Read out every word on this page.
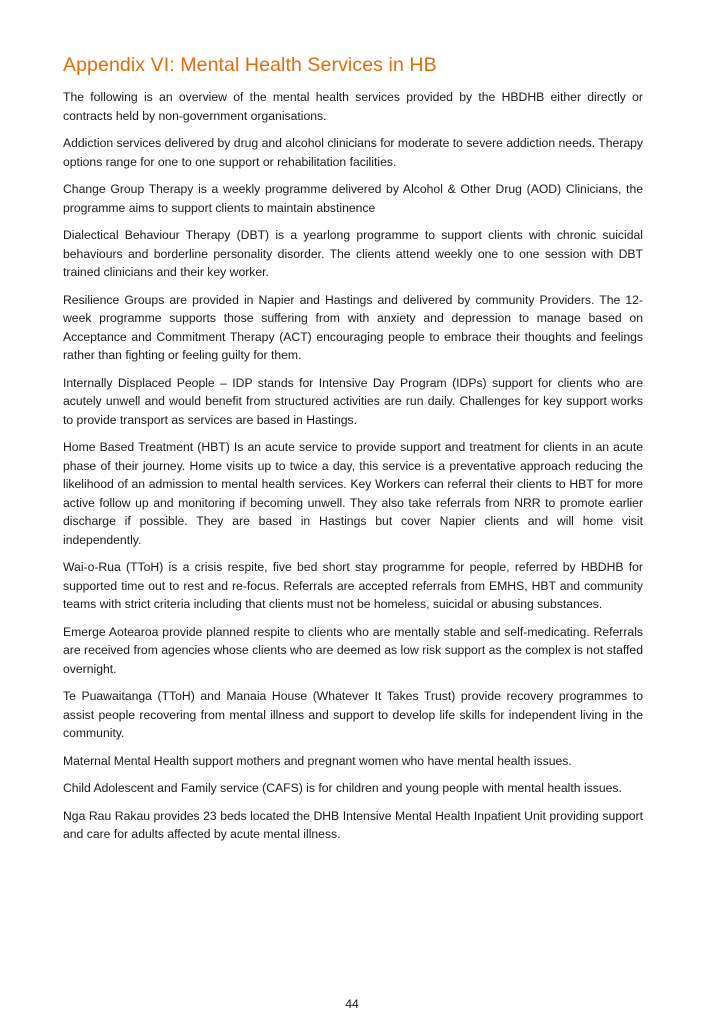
Appendix VI: Mental Health Services in HB

The following is an overview of the mental health services provided by the HBDHB either directly or contracts held by non-government organisations.

Addiction services delivered by drug and alcohol clinicians for moderate to severe addiction needs. Therapy options range for one to one support or rehabilitation facilities.

Change Group Therapy is a weekly programme delivered by Alcohol & Other Drug (AOD) Clinicians, the programme aims to support clients to maintain abstinence

Dialectical Behaviour Therapy (DBT) is a yearlong programme to support clients with chronic suicidal behaviours and borderline personality disorder. The clients attend weekly one to one session with DBT trained clinicians and their key worker.

Resilience Groups are provided in Napier and Hastings and delivered by community Providers. The 12-week programme supports those suffering from with anxiety and depression to manage based on Acceptance and Commitment Therapy (ACT) encouraging people to embrace their thoughts and feelings rather than fighting or feeling guilty for them.

Internally Displaced People – IDP stands for Intensive Day Program (IDPs) support for clients who are acutely unwell and would benefit from structured activities are run daily. Challenges for key support works to provide transport as services are based in Hastings.

Home Based Treatment (HBT) Is an acute service to provide support and treatment for clients in an acute phase of their journey. Home visits up to twice a day, this service is a preventative approach reducing the likelihood of an admission to mental health services. Key Workers can referral their clients to HBT for more active follow up and monitoring if becoming unwell. They also take referrals from NRR to promote earlier discharge if possible. They are based in Hastings but cover Napier clients and will home visit independently.

Wai-o-Rua (TToH) is a crisis respite, five bed short stay programme for people, referred by HBDHB for supported time out to rest and re-focus. Referrals are accepted referrals from EMHS, HBT and community teams with strict criteria including that clients must not be homeless, suicidal or abusing substances.

Emerge Aotearoa provide planned respite to clients who are mentally stable and self-medicating. Referrals are received from agencies whose clients who are deemed as low risk support as the complex is not staffed overnight.

Te Puawaitanga (TToH) and Manaia House (Whatever It Takes Trust) provide recovery programmes to assist people recovering from mental illness and support to develop life skills for independent living in the community.

Maternal Mental Health support mothers and pregnant women who have mental health issues.

Child Adolescent and Family service (CAFS) is for children and young people with mental health issues.

Nga Rau Rakau provides 23 beds located the DHB Intensive Mental Health Inpatient Unit providing support and care for adults affected by acute mental illness.

44
